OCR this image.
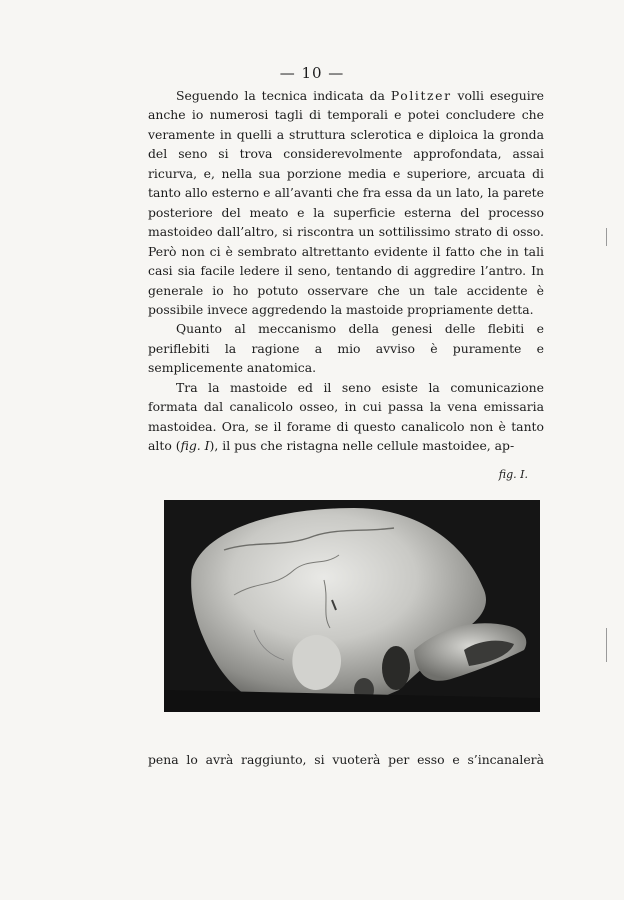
— 10 —

Seguendo la tecnica indicata da Politzer volli eseguire anche io numerosi tagli di temporali e potei concludere che veramente in quelli a struttura sclerotica e diploica la gronda del seno si trova considerevolmente approfondata, assai ricurva, e, nella sua porzione media e superiore, arcuata di tanto allo esterno e all’avanti che fra essa da un lato, la parete posteriore del meato e la superficie esterna del processo mastoideo dall’altro, si riscontra un sottilissimo strato di osso. Però non ci è sembrato altrettanto evidente il fatto che in tali casi sia facile ledere il seno, tentando di aggredire l’antro. In generale io ho potuto osservare che un tale accidente è possibile invece aggredendo la mastoide propriamente detta.

Quanto al meccanismo della genesi delle flebiti e periflebiti la ragione a mio avviso è puramente e semplicemente anatomica.

Tra la mastoide ed il seno esiste la comunicazione formata dal canalicolo osseo, in cui passa la vena emissaria mastoidea. Ora, se il forame di questo canalicolo non è tanto alto (fig. I), il pus che ristagna nelle cellule mastoidee, ap-

fig. I.
pena lo avrà raggiunto, si vuoterà per esso e s’incanalerà
